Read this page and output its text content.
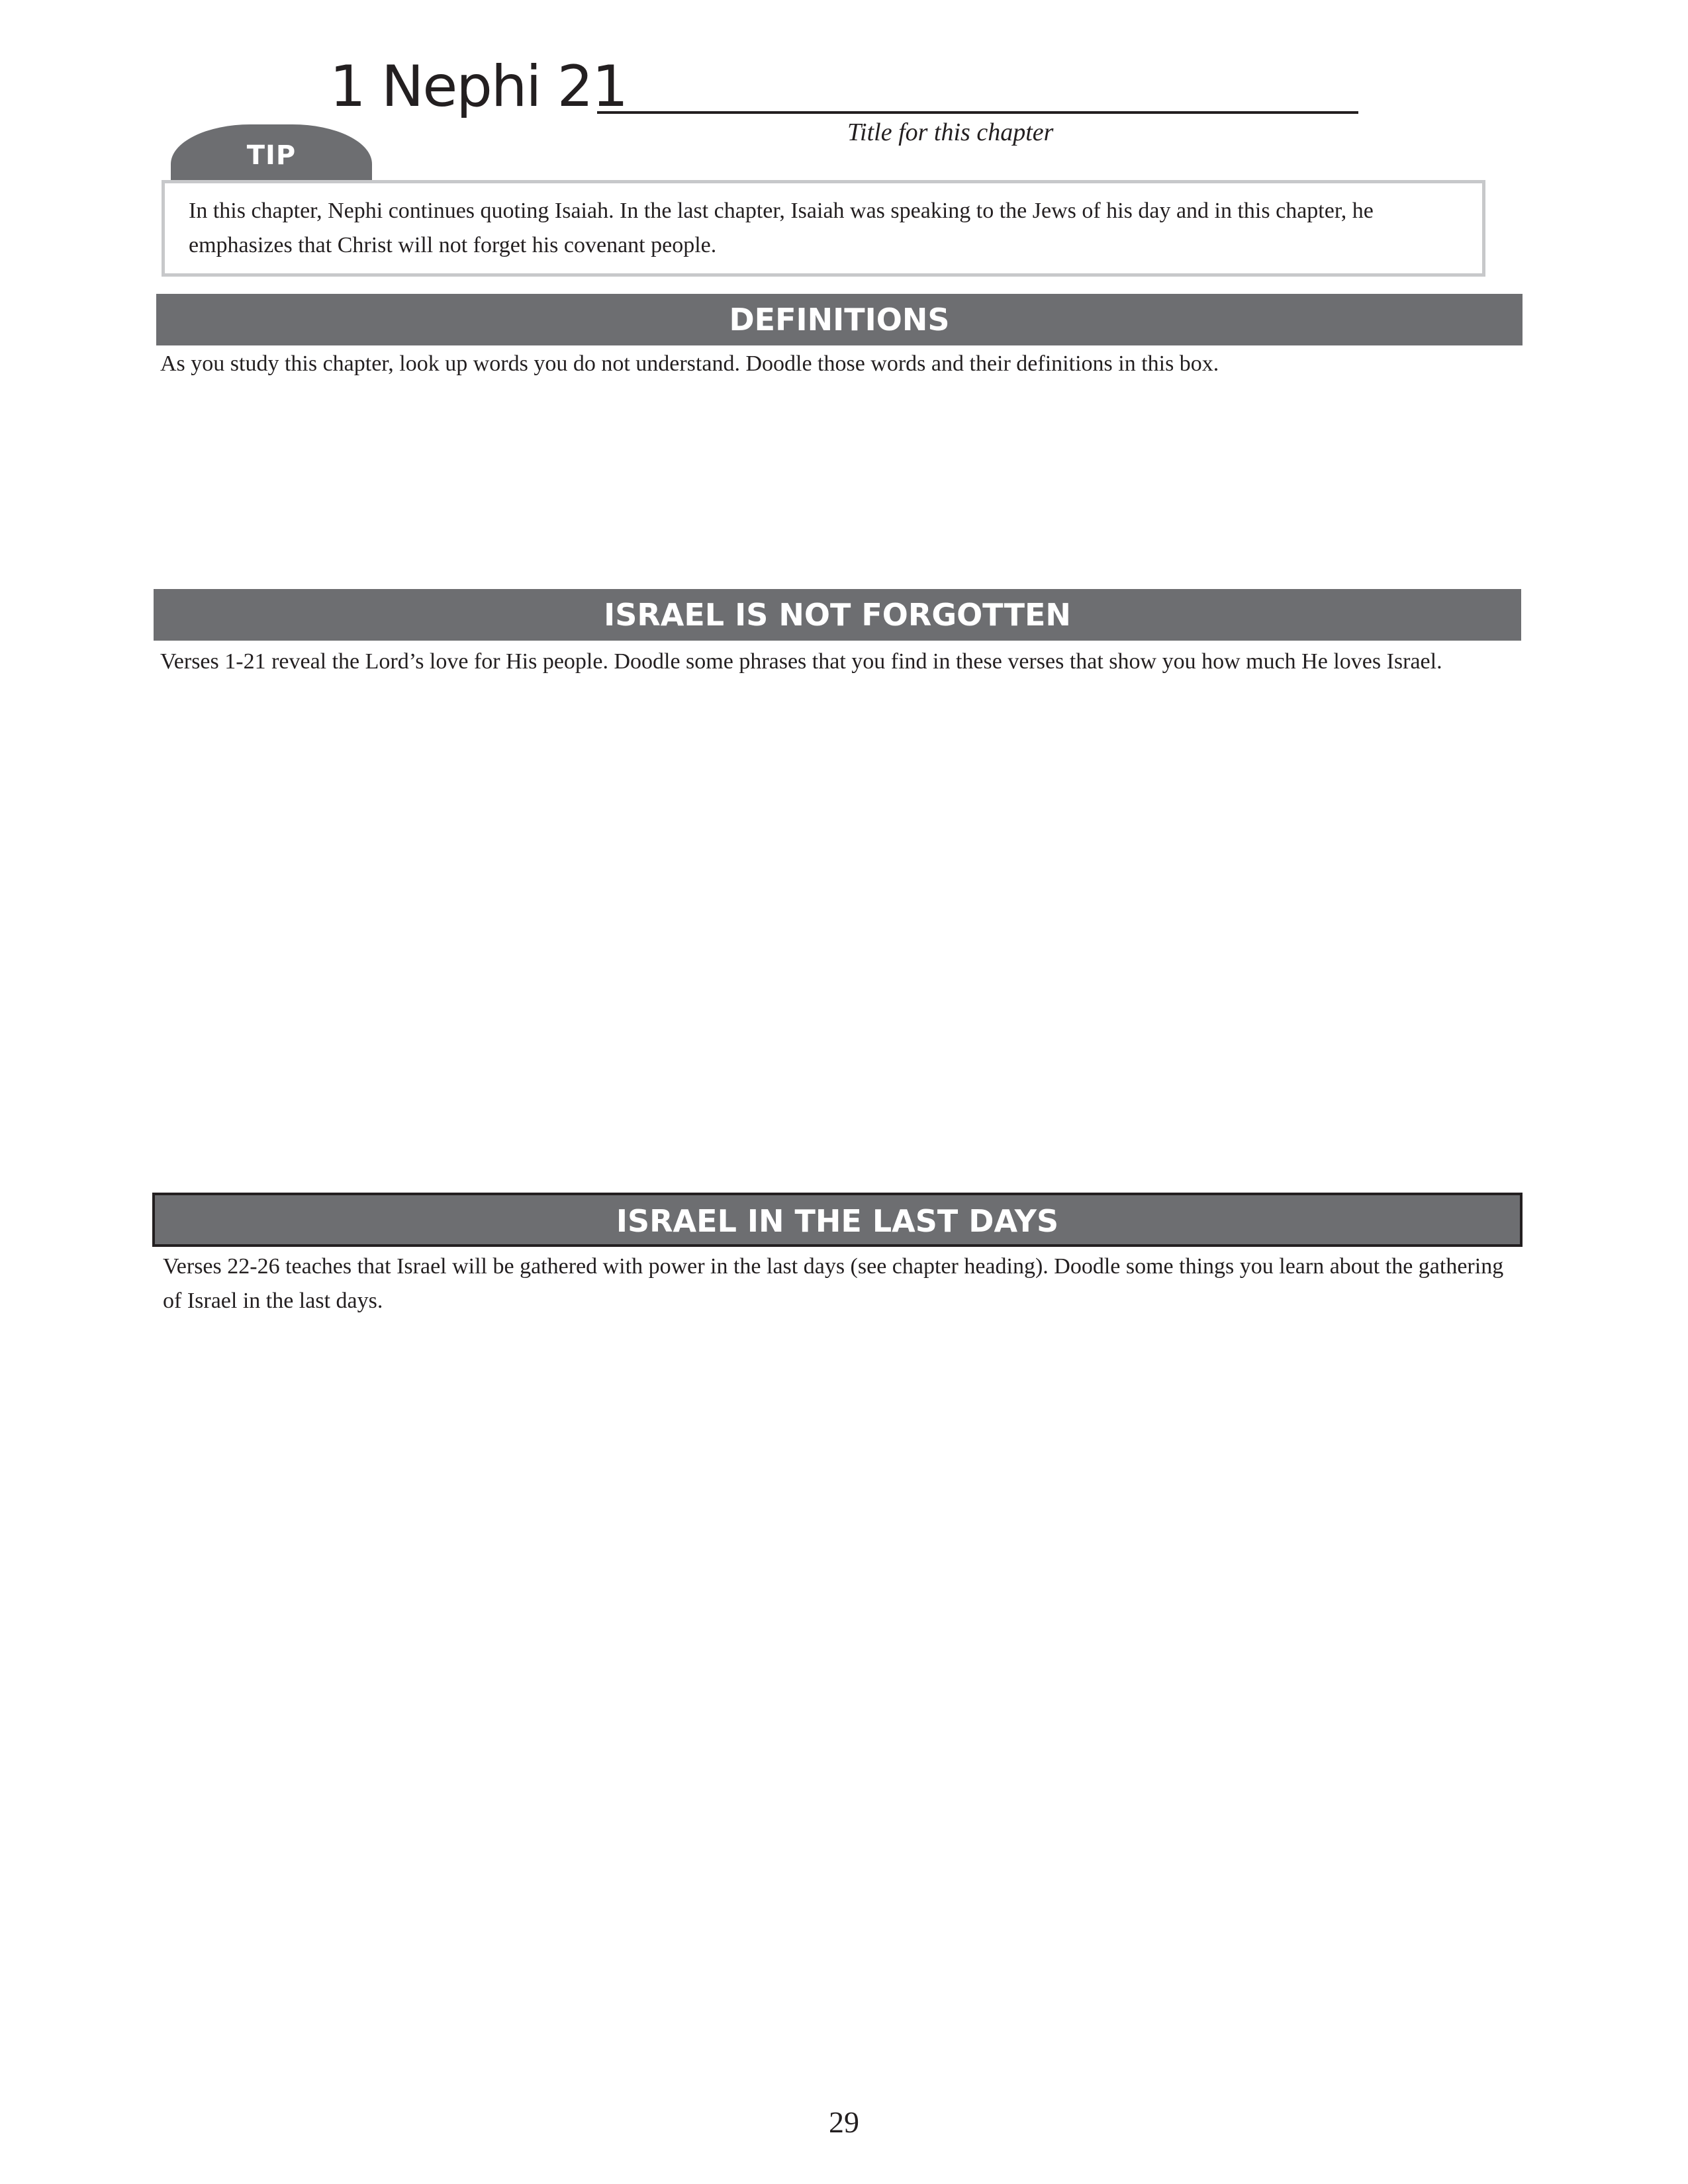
1 Nephi 21
Title for this chapter
TIP
In this chapter, Nephi continues quoting Isaiah. In the last chapter, Isaiah was speaking to the Jews of his day and in this chapter, he emphasizes that Christ will not forget his covenant people.
DEFINITIONS
As you study this chapter, look up words you do not understand. Doodle those words and their definitions in this box.
ISRAEL IS NOT FORGOTTEN
Verses 1-21 reveal the Lord’s love for His people. Doodle some phrases that you find in these verses that show you how much He loves Israel.
ISRAEL IN THE LAST DAYS
Verses 22-26 teaches that Israel will be gathered with power in the last days (see chapter heading). Doodle some things you learn about the gathering of Israel in the last days.
29
